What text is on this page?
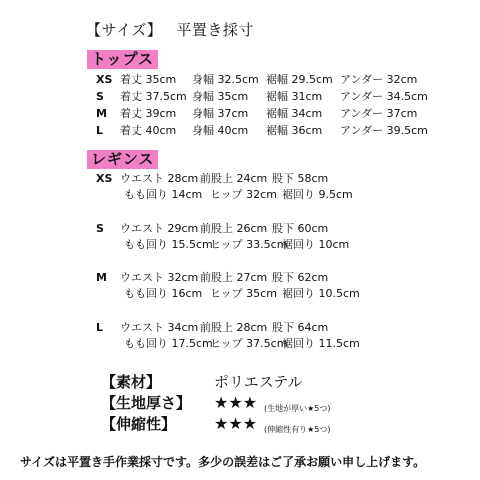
【サイズ】 平置き採寸
トップス
XS 着丈 35cm 身幅 32.5cm 裾幅 29.5cm アンダー 32cm
S 着丈 37.5cm 身幅 35cm 裾幅 31cm アンダー 34.5cm
M 着丈 39cm 身幅 37cm 裾幅 34cm アンダー 37cm
L 着丈 40cm 身幅 40cm 裾幅 36cm アンダー 39.5cm
レギンス
XS ウエスト 28cm 前股上 24cm 股下 58cm
もも回り 14cm ヒップ 32cm 裾回り 9.5cm
S ウエスト 29cm 前股上 26cm 股下 60cm
もも回り 15.5cm
ヒップ 33.5cm
裾回り 10cm
M ウエスト 32cm 前股上 27cm 股下 62cm
もも回り 16cm ヒップ 35cm 裾回り 10.5cm
L ウエスト 34cm 前股上 28cm 股下 64cm
もも回り 17.5cm
ヒップ 37.5cm
裾回り 11.5cm
【素材】	ポリエステル
【生地厚さ】 ★★★ (生地が厚い★5つ)
【伸縮性】 ★★★ (伸縮性有り★5つ)
サイズは平置き手作業採寸です。多少の誤差はご了承お願い申し上げます。
